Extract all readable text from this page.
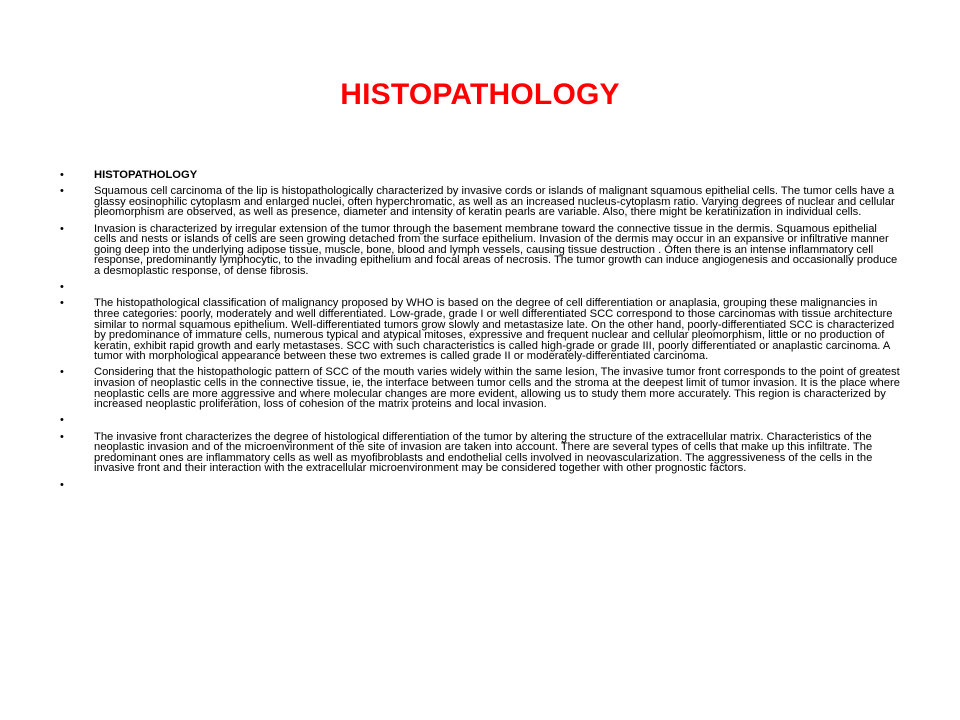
HISTOPATHOLOGY
•	HISTOPATHOLOGY
•	Squamous cell carcinoma of the lip is histopathologically characterized by invasive cords or islands of malignant squamous epithelial cells. The tumor cells have a glassy eosinophilic cytoplasm and enlarged nuclei, often hyperchromatic, as well as an increased nucleus-cytoplasm ratio. Varying degrees of nuclear and cellular pleomorphism are observed, as well as presence, diameter and intensity of keratin pearls are variable. Also, there might be keratinization in individual cells.
•	Invasion is characterized by irregular extension of the tumor through the basement membrane toward the connective tissue in the dermis. Squamous epithelial cells and nests or islands of cells are seen growing detached from the surface epithelium. Invasion of the dermis may occur in an expansive or infiltrative manner going deep into the underlying adipose tissue, muscle, bone, blood and lymph vessels, causing tissue destruction . Often there is an intense inflammatory cell response, predominantly lymphocytic, to the invading epithelium and focal areas of necrosis. The tumor growth can induce angiogenesis and occasionally produce a desmoplastic response, of dense fibrosis.
•
•	The histopathological classification of malignancy proposed by WHO is based on the degree of cell differentiation or anaplasia, grouping these malignancies in three categories: poorly, moderately and well differentiated. Low-grade, grade I or well differentiated SCC correspond to those carcinomas with tissue architecture similar to normal squamous epithelium. Well-differentiated tumors grow slowly and metastasize late. On the other hand, poorly-differentiated SCC is characterized by predominance of immature cells, numerous typical and atypical mitoses, expressive and frequent nuclear and cellular pleomorphism, little or no production of keratin, exhibit rapid growth and early metastases. SCC with such characteristics is called high-grade or grade III, poorly differentiated or anaplastic carcinoma. A tumor with morphological appearance between these two extremes is called grade II or moderately-differentiated carcinoma.
•	Considering that the histopathologic pattern of SCC of the mouth varies widely within the same lesion, The invasive tumor front corresponds to the point of greatest invasion of neoplastic cells in the connective tissue, ie, the interface between tumor cells and the stroma at the deepest limit of tumor invasion. It is the place where neoplastic cells are more aggressive and where molecular changes are more evident, allowing us to study them more accurately. This region is characterized by increased neoplastic proliferation, loss of cohesion of the matrix proteins and local invasion.
•
•	The invasive front characterizes the degree of histological differentiation of the tumor by altering the structure of the extracellular matrix. Characteristics of the neoplastic invasion and of the microenvironment of the site of invasion are taken into account. There are several types of cells that make up this infiltrate. The predominant ones are inflammatory cells as well as myofibroblasts and endothelial cells involved in neovascularization. The aggressiveness of the cells in the invasive front and their interaction with the extracellular microenvironment may be considered together with other prognostic factors.
•
